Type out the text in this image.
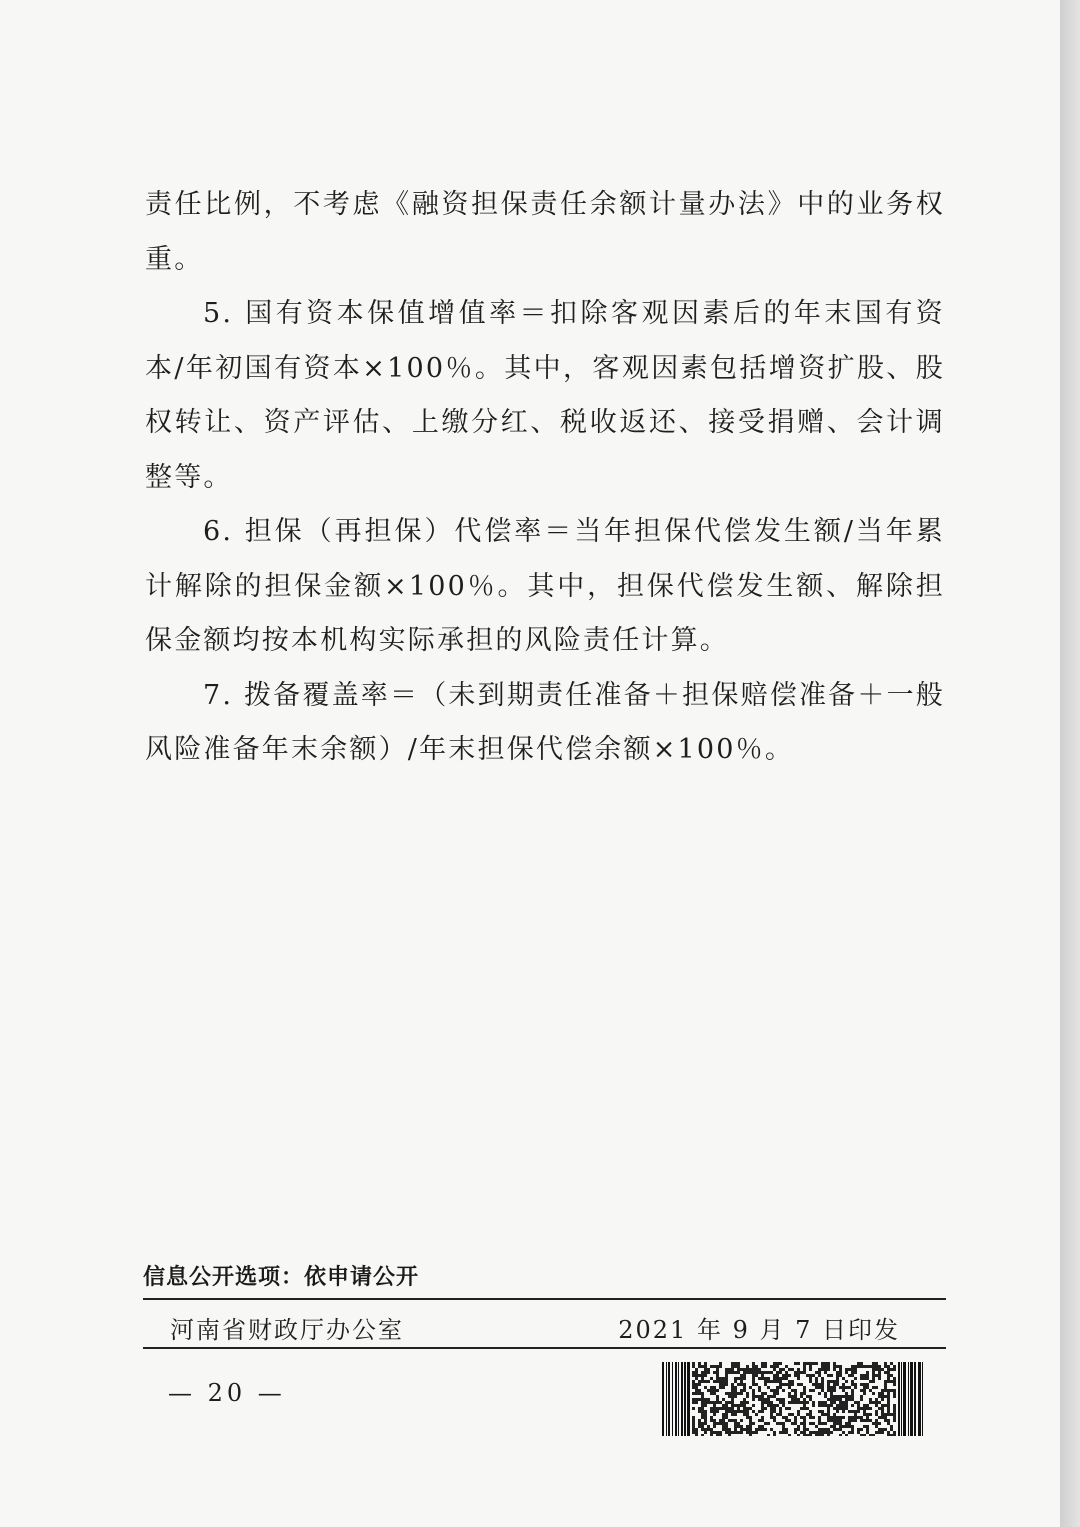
责任比例，不考虑《融资担保责任余额计量办法》中的业务权重。

5. 国有资本保值增值率＝扣除客观因素后的年末国有资本/年初国有资本×100％。其中，客观因素包括增资扩股、股权转让、资产评估、上缴分红、税收返还、接受捐赠、会计调整等。

6. 担保（再担保）代偿率＝当年担保代偿发生额/当年累计解除的担保金额×100％。其中，担保代偿发生额、解除担保金额均按本机构实际承担的风险责任计算。

7. 拨备覆盖率＝（未到期责任准备＋担保赔偿准备＋一般风险准备年末余额）/年末担保代偿余额×100％。

信息公开选项：依申请公开
河南省财政厅办公室	2021 年 9 月 7 日印发
— 20 —
